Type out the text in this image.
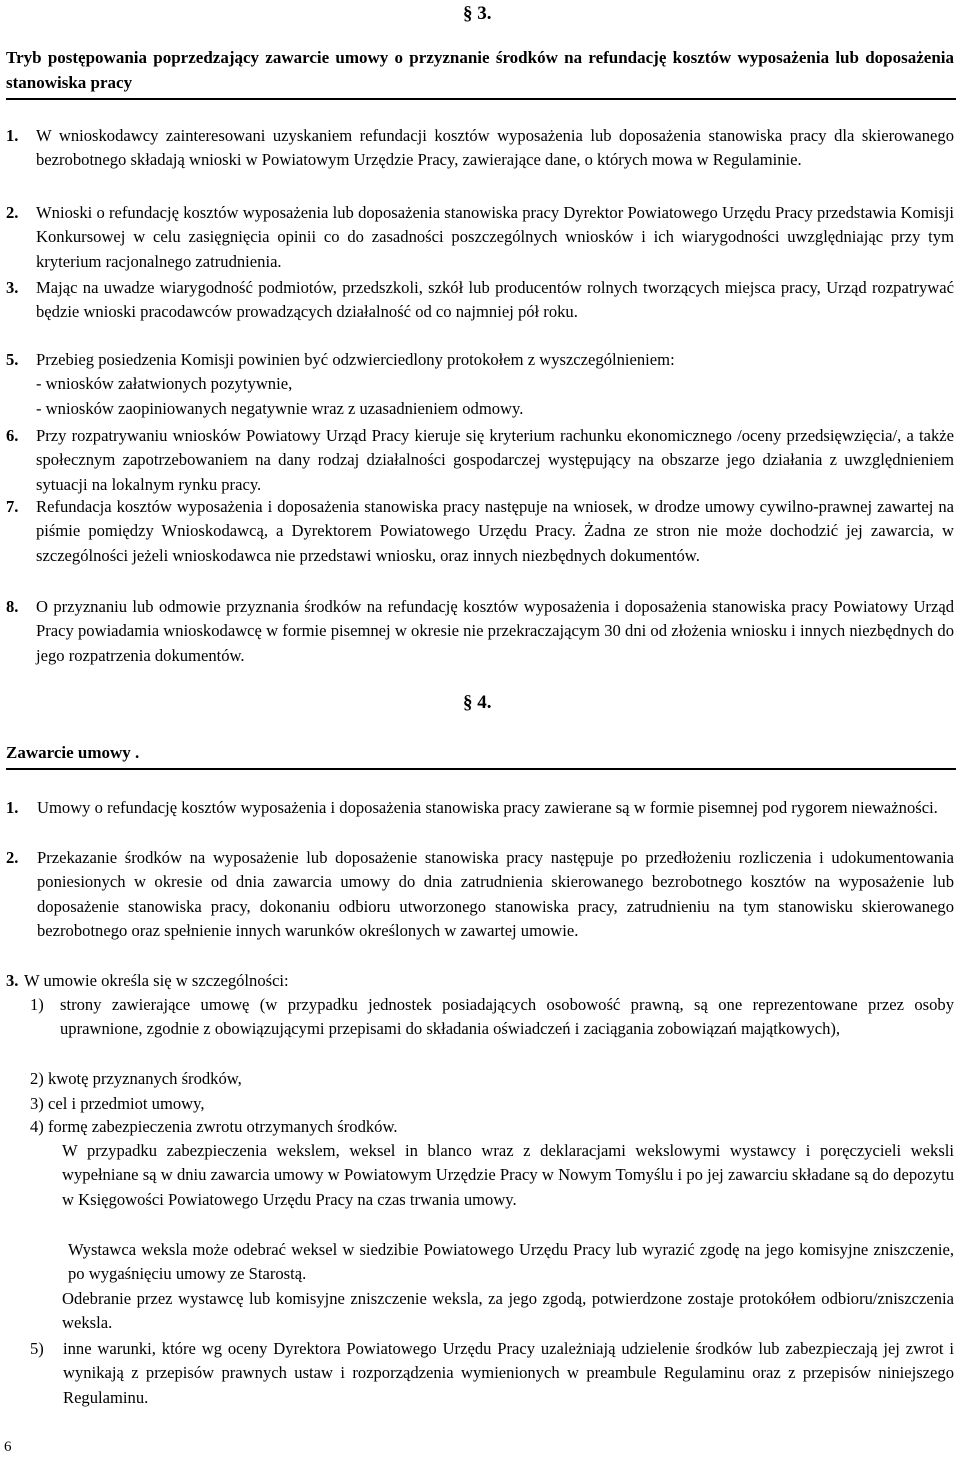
§ 3.
Tryb postępowania poprzedzający zawarcie umowy o przyznanie środków na refundację kosztów wyposażenia lub doposażenia stanowiska pracy
1. W wnioskodawcy zainteresowani uzyskaniem refundacji kosztów wyposażenia lub doposażenia stanowiska pracy dla skierowanego bezrobotnego składają wnioski w Powiatowym Urzędzie Pracy, zawierające dane, o których mowa w Regulaminie.
2. Wnioski o refundację kosztów wyposażenia lub doposażenia stanowiska pracy Dyrektor Powiatowego Urzędu Pracy przedstawia Komisji Konkursowej w celu zasięgnięcia opinii co do zasadności poszczególnych wniosków i ich wiarygodności uwzględniając przy tym kryterium racjonalnego zatrudnienia.
3. Mając na uwadze wiarygodność podmiotów, przedszkoli, szkół lub producentów rolnych tworzących miejsca pracy, Urząd rozpatrywać będzie wnioski pracodawców prowadzących działalność od co najmniej pół roku.
5. Przebieg posiedzenia Komisji powinien być odzwierciedlony protokołem z wyszczególnieniem:
- wniosków załatwionych pozytywnie,
- wniosków zaopiniowanych negatywnie wraz z uzasadnieniem odmowy.
6. Przy rozpatrywaniu wniosków Powiatowy Urząd Pracy kieruje się kryterium rachunku ekonomicznego /oceny przedsięwzięcia/, a także społecznym zapotrzebowaniem na dany rodzaj działalności gospodarczej występujący na obszarze jego działania z uwzględnieniem sytuacji na lokalnym rynku pracy.
7. Refundacja kosztów wyposażenia i doposażenia stanowiska pracy następuje na wniosek, w drodze umowy cywilno-prawnej zawartej na piśmie pomiędzy Wnioskodawcą, a Dyrektorem Powiatowego Urzędu Pracy. Żadna ze stron nie może dochodzić jej zawarcia, w szczególności jeżeli wnioskodawca nie przedstawi wniosku, oraz innych niezbędnych dokumentów.
8. O przyznaniu lub odmowie przyznania środków na refundację kosztów wyposażenia i doposażenia stanowiska pracy Powiatowy Urząd Pracy powiadamia wnioskodawcę w formie pisemnej w okresie nie przekraczającym 30 dni od złożenia wniosku i innych niezbędnych do jego rozpatrzenia dokumentów.
§ 4.
Zawarcie umowy .
1. Umowy o refundację kosztów wyposażenia i doposażenia stanowiska pracy zawierane są w formie pisemnej pod rygorem nieważności.
2. Przekazanie środków na wyposażenie lub doposażenie stanowiska pracy następuje po przedłożeniu rozliczenia i udokumentowania poniesionych w okresie od dnia zawarcia umowy do dnia zatrudnienia skierowanego bezrobotnego kosztów na wyposażenie lub doposażenie stanowiska pracy, dokonaniu odbioru utworzonego stanowiska pracy, zatrudnieniu na tym stanowisku skierowanego bezrobotnego oraz spełnienie innych warunków określonych w zawartej umowie.
3. W umowie określa się w szczególności:
1) strony zawierające umowę (w przypadku jednostek posiadających osobowość prawną, są one reprezentowane przez osoby uprawnione, zgodnie z obowiązującymi przepisami do składania oświadczeń i zaciągania zobowiązań majątkowych),
2) kwotę przyznanych środków,
3) cel i przedmiot umowy,
4) formę zabezpieczenia zwrotu otrzymanych środków.
W przypadku zabezpieczenia wekslem, weksel in blanco wraz z deklaracjami wekslowymi wystawcy i poręczycieli weksli wypełniane są w dniu zawarcia umowy w Powiatowym Urzędzie Pracy w Nowym Tomyślu i po jej zawarciu składane są do depozytu w Księgowości Powiatowego Urzędu Pracy na czas trwania umowy.
Wystawca weksla może odebrać weksel w siedzibie Powiatowego Urzędu Pracy lub wyrazić zgodę na jego komisyjne zniszczenie, po wygaśnięciu umowy ze Starostą.
Odebranie przez wystawcę lub komisyjne zniszczenie weksla, za jego zgodą, potwierdzone zostaje protokółem odbioru/zniszczenia weksla.
5) inne warunki, które wg oceny Dyrektora Powiatowego Urzędu Pracy uzależniają udzielenie środków lub zabezpieczają jej zwrot i wynikają z przepisów prawnych ustaw i rozporządzenia wymienionych w preambule Regulaminu oraz z przepisów niniejszego Regulaminu.
6
